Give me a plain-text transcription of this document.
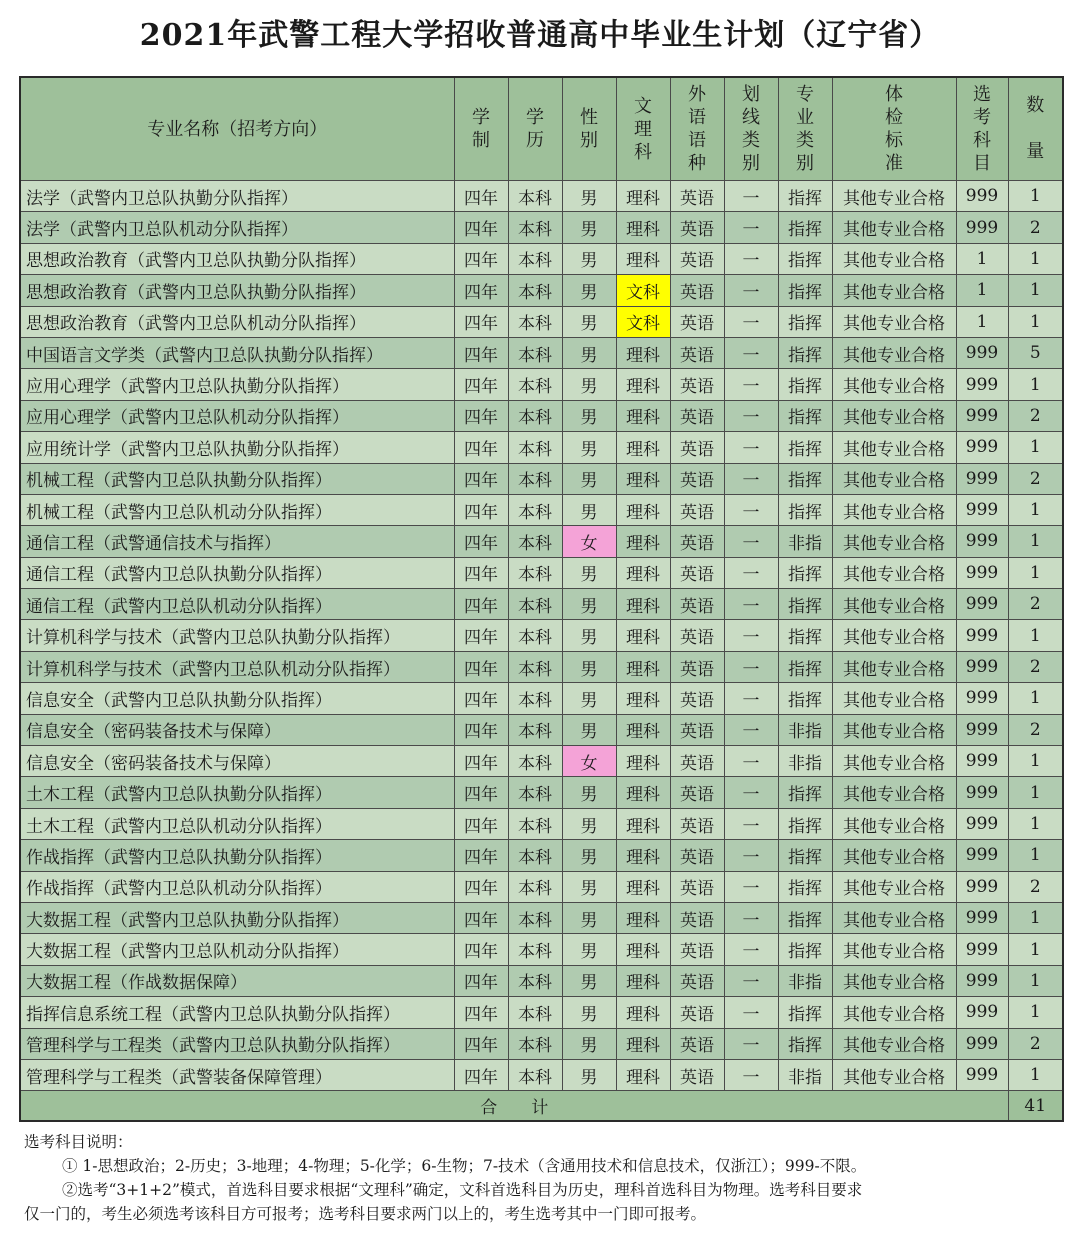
2021年武警工程大学招收普通高中毕业生计划（辽宁省）
专业名称（招考方向）	学制	学历	性别	文理科	外语语种	划线类别	专业类别	体检标准	选考科目	数量
法学（武警内卫总队执勤分队指挥）	四年	本科	男	理科	英语	一	指挥	其他专业合格	999	1
法学（武警内卫总队机动分队指挥）	四年	本科	男	理科	英语	一	指挥	其他专业合格	999	2
思想政治教育（武警内卫总队执勤分队指挥）	四年	本科	男	理科	英语	一	指挥	其他专业合格	1	1
思想政治教育（武警内卫总队执勤分队指挥）	四年	本科	男	文科	英语	一	指挥	其他专业合格	1	1
思想政治教育（武警内卫总队机动分队指挥）	四年	本科	男	文科	英语	一	指挥	其他专业合格	1	1
中国语言文学类（武警内卫总队执勤分队指挥）	四年	本科	男	理科	英语	一	指挥	其他专业合格	999	5
应用心理学（武警内卫总队执勤分队指挥）	四年	本科	男	理科	英语	一	指挥	其他专业合格	999	1
应用心理学（武警内卫总队机动分队指挥）	四年	本科	男	理科	英语	一	指挥	其他专业合格	999	2
应用统计学（武警内卫总队执勤分队指挥）	四年	本科	男	理科	英语	一	指挥	其他专业合格	999	1
机械工程（武警内卫总队执勤分队指挥）	四年	本科	男	理科	英语	一	指挥	其他专业合格	999	2
机械工程（武警内卫总队机动分队指挥）	四年	本科	男	理科	英语	一	指挥	其他专业合格	999	1
通信工程（武警通信技术与指挥）	四年	本科	女	理科	英语	一	非指	其他专业合格	999	1
通信工程（武警内卫总队执勤分队指挥）	四年	本科	男	理科	英语	一	指挥	其他专业合格	999	1
通信工程（武警内卫总队机动分队指挥）	四年	本科	男	理科	英语	一	指挥	其他专业合格	999	2
计算机科学与技术（武警内卫总队执勤分队指挥）	四年	本科	男	理科	英语	一	指挥	其他专业合格	999	1
计算机科学与技术（武警内卫总队机动分队指挥）	四年	本科	男	理科	英语	一	指挥	其他专业合格	999	2
信息安全（武警内卫总队执勤分队指挥）	四年	本科	男	理科	英语	一	指挥	其他专业合格	999	1
信息安全（密码装备技术与保障）	四年	本科	男	理科	英语	一	非指	其他专业合格	999	2
信息安全（密码装备技术与保障）	四年	本科	女	理科	英语	一	非指	其他专业合格	999	1
土木工程（武警内卫总队执勤分队指挥）	四年	本科	男	理科	英语	一	指挥	其他专业合格	999	1
土木工程（武警内卫总队机动分队指挥）	四年	本科	男	理科	英语	一	指挥	其他专业合格	999	1
作战指挥（武警内卫总队执勤分队指挥）	四年	本科	男	理科	英语	一	指挥	其他专业合格	999	1
作战指挥（武警内卫总队机动分队指挥）	四年	本科	男	理科	英语	一	指挥	其他专业合格	999	2
大数据工程（武警内卫总队执勤分队指挥）	四年	本科	男	理科	英语	一	指挥	其他专业合格	999	1
大数据工程（武警内卫总队机动分队指挥）	四年	本科	男	理科	英语	一	指挥	其他专业合格	999	1
大数据工程（作战数据保障）	四年	本科	男	理科	英语	一	非指	其他专业合格	999	1
指挥信息系统工程（武警内卫总队执勤分队指挥）	四年	本科	男	理科	英语	一	指挥	其他专业合格	999	1
管理科学与工程类（武警内卫总队执勤分队指挥）	四年	本科	男	理科	英语	一	指挥	其他专业合格	999	2
管理科学与工程类（武警装备保障管理）	四年	本科	男	理科	英语	一	非指	其他专业合格	999	1
合　　计										41

选考科目说明：

① 1-思想政治；2-历史；3-地理；4-物理；5-化学；6-生物；7-技术（含通用技术和信息技术，仅浙江）；999-不限。

②选考“3+1+2”模式，首选科目要求根据“文理科”确定，文科首选科目为历史，理科首选科目为物理。选考科目要求

仅一门的，考生必须选考该科目方可报考；选考科目要求两门以上的，考生选考其中一门即可报考。
